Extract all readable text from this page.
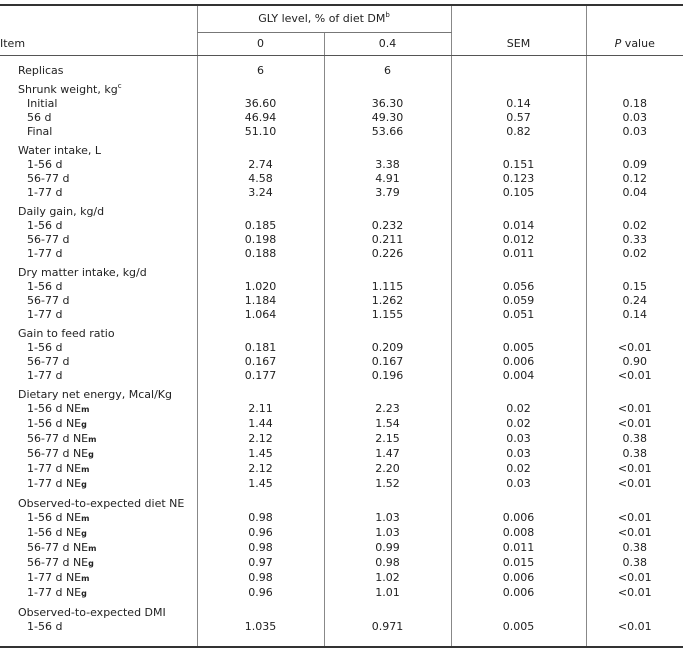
	GLY level, % of diet $DM^b$		
Item	0	0.4	SEM	P value
Replicas	6	6		
Shrunk weight, $kg^c$				
Initial	36.60	36.30	0.14	0.18
56 d	46.94	49.30	0.57	0.03
Final	51.10	53.66	0.82	0.03
Water intake, L				
1-56 d	2.74	3.38	0.151	0.09
56-77 d	4.58	4.91	0.123	0.12
1-77 d	3.24	3.79	0.105	0.04
Daily gain, kg/d				
1-56 d	0.185	0.232	0.014	0.02
56-77 d	0.198	0.211	0.012	0.33
1-77 d	0.188	0.226	0.011	0.02
Dry matter intake, kg/d				
1-56 d	1.020	1.115	0.056	0.15
56-77 d	1.184	1.262	0.059	0.24
1-77 d	1.064	1.155	0.051	0.14
Gain to feed ratio				
1-56 d	0.181	0.209	0.005	<0.01
56-77 d	0.167	0.167	0.006	0.90
1-77 d	0.177	0.196	0.004	<0.01
Dietary net energy, Mcal/Kg				
1-56 d NEm	2.11	2.23	0.02	<0.01
1-56 d NEg	1.44	1.54	0.02	<0.01
56-77 d NEm	2.12	2.15	0.03	0.38
56-77 d NEg	1.45	1.47	0.03	0.38
1-77 d NEm	2.12	2.20	0.02	<0.01
1-77 d NEg	1.45	1.52	0.03	<0.01
Observed-to-expected diet NE				
1-56 d NEm	0.98	1.03	0.006	<0.01
1-56 d NEg	0.96	1.03	0.008	<0.01
56-77 d NEm	0.98	0.99	0.011	0.38
56-77 d NEg	0.97	0.98	0.015	0.38
1-77 d NEm	0.98	1.02	0.006	<0.01
1-77 d NEg	0.96	1.01	0.006	<0.01
Observed-to-expected DMI				
1-56 d	1.035	0.971	0.005	<0.01
